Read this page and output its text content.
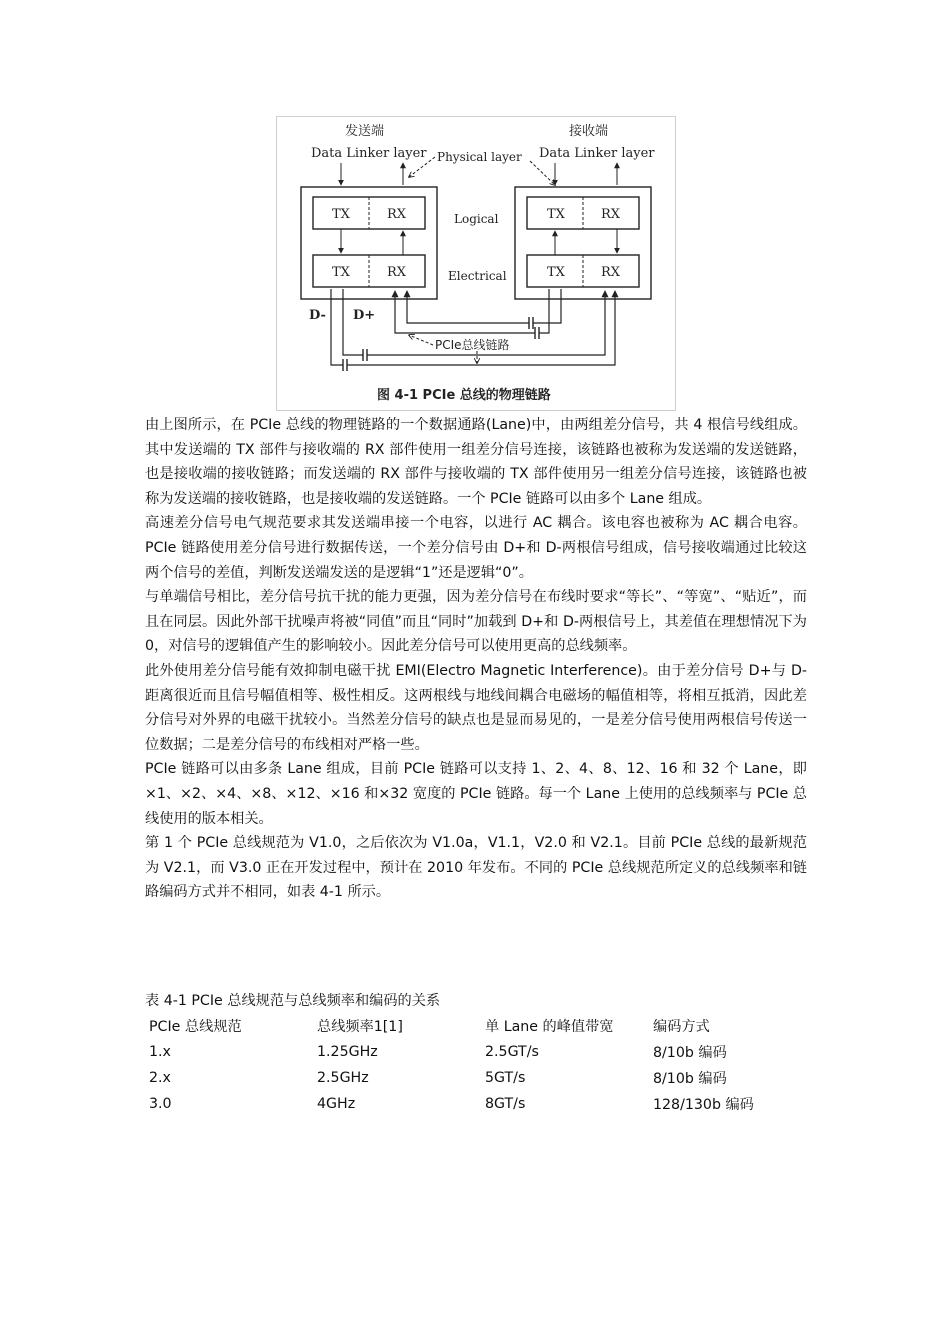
发送端	接收端
Data Linker layer	Data Linker layer
Physical layer
Logical
Electrical
TX	RX
TX	RX
TX	RX
TX	RX
D- D+
PCIe总线链路
图 4-1 PCIe 总线的物理链路

由上图所示，在 PCIe 总线的物理链路的一个数据通路(Lane)中，由两组差分信号，共 4 根信号线组成。其中发送端的 TX 部件与接收端的 RX 部件使用一组差分信号连接，该链路也被称为发送端的发送链路，也是接收端的接收链路；而发送端的 RX 部件与接收端的 TX 部件使用另一组差分信号连接，该链路也被称为发送端的接收链路，也是接收端的发送链路。一个 PCIe 链路可以由多个 Lane 组成。

高速差分信号电气规范要求其发送端串接一个电容，以进行 AC 耦合。该电容也被称为 AC 耦合电容。PCIe 链路使用差分信号进行数据传送，一个差分信号由 D+和 D-两根信号组成，信号接收端通过比较这两个信号的差值，判断发送端发送的是逻辑“1”还是逻辑“0”。

与单端信号相比，差分信号抗干扰的能力更强，因为差分信号在布线时要求“等长”、“等宽”、“贴近”，而且在同层。因此外部干扰噪声将被“同值”而且“同时”加载到 D+和 D-两根信号上，其差值在理想情况下为 0，对信号的逻辑值产生的影响较小。因此差分信号可以使用更高的总线频率。

此外使用差分信号能有效抑制电磁干扰 EMI(Electro Magnetic Interference)。由于差分信号 D+与 D-距离很近而且信号幅值相等、极性相反。这两根线与地线间耦合电磁场的幅值相等，将相互抵消，因此差分信号对外界的电磁干扰较小。当然差分信号的缺点也是显而易见的，一是差分信号使用两根信号传送一位数据；二是差分信号的布线相对严格一些。

PCIe 链路可以由多条 Lane 组成，目前 PCIe 链路可以支持 1、2、4、8、12、16 和 32 个 Lane，即×1、×2、×4、×8、×12、×16 和×32 宽度的 PCIe 链路。每一个 Lane 上使用的总线频率与 PCIe 总线使用的版本相关。

第 1 个 PCIe 总线规范为 V1.0，之后依次为 V1.0a，V1.1，V2.0 和 V2.1。目前 PCIe 总线的最新规范为 V2.1，而 V3.0 正在开发过程中，预计在 2010 年发布。不同的 PCIe 总线规范所定义的总线频率和链路编码方式并不相同，如表 4-1 所示。

表 4-1 PCIe 总线规范与总线频率和编码的关系
PCIe 总线规范	总线频率1[1]	单 Lane 的峰值带宽	编码方式
1.x	1.25GHz	2.5GT/s	8/10b 编码
2.x	2.5GHz	5GT/s	8/10b 编码
3.0	4GHz	8GT/s	128/130b 编码
